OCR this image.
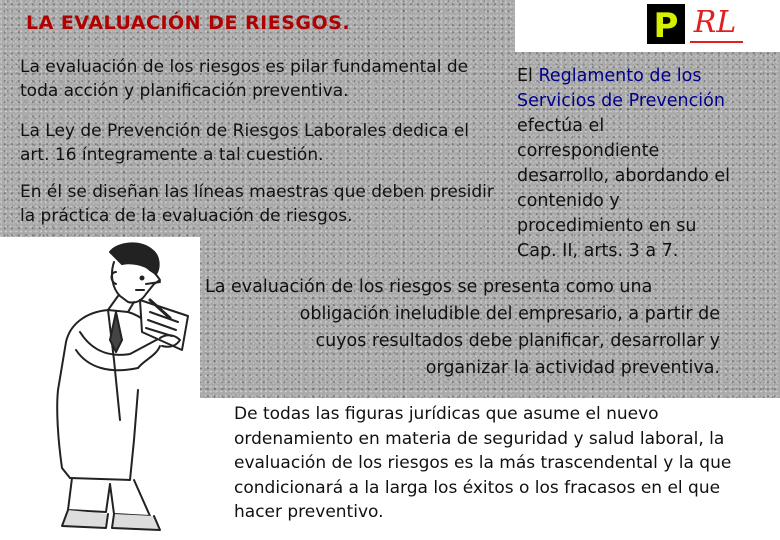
LA EVALUACIÓN DE RIESGOS.	P RL
La evaluación de los riesgos es pilar fundamental de toda acción y planificación preventiva.
La Ley de Prevención de Riesgos Laborales dedica el art. 16 íntegramente a tal cuestión.
En él se diseñan las líneas maestras que deben presidir la práctica de la evaluación de riesgos.
El Reglamento de los Servicios de Prevención efectúa el correspondiente desarrollo, abordando el contenido y procedimiento en su Cap. II, arts. 3 a 7.
La evaluación de los riesgos se presenta como una
obligación ineludible del empresario, a partir de
cuyos resultados debe planificar, desarrollar y
organizar la actividad preventiva.
De todas las figuras jurídicas que asume el nuevo ordenamiento en materia de seguridad y salud laboral, la evaluación de los riesgos es la más trascendental y la que condicionará a la larga los éxitos o los fracasos en el que hacer preventivo.
